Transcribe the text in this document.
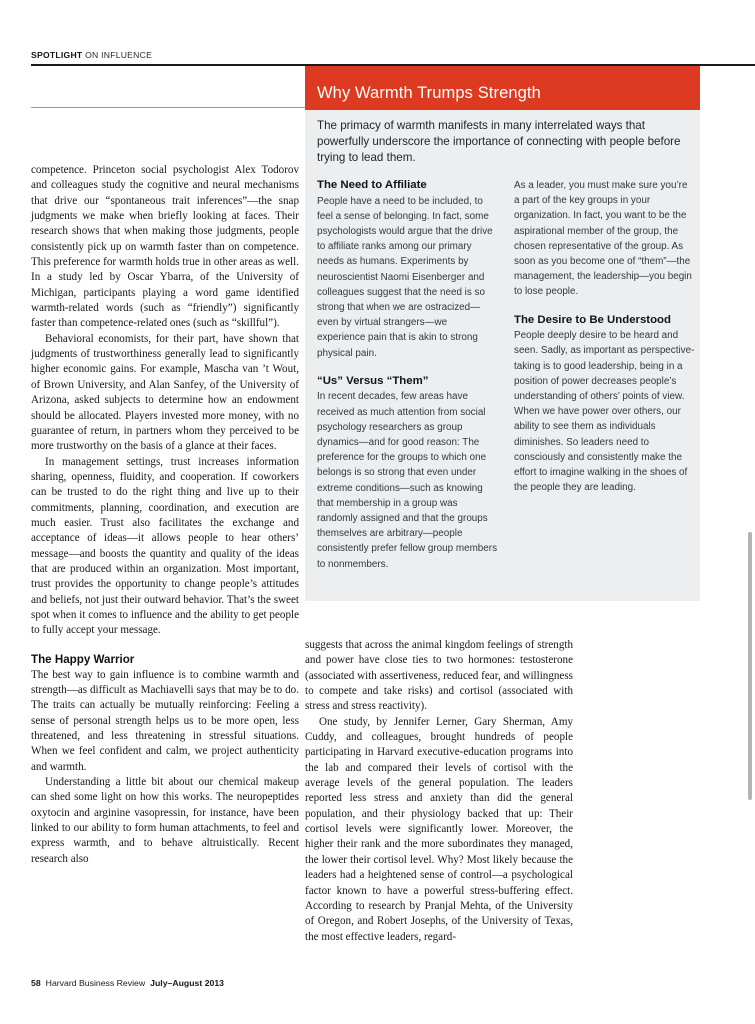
SPOTLIGHT ON INFLUENCE
Why Warmth Trumps Strength
The primacy of warmth manifests in many interrelated ways that powerfully underscore the importance of connecting with people before trying to lead them.
The Need to Affiliate

People have a need to be included, to feel a sense of belonging. In fact, some psychologists would argue that the drive to affiliate ranks among our primary needs as humans. Experiments by neuroscientist Naomi Eisenberger and colleagues suggest that the need is so strong that when we are ostracized—even by virtual strangers—we experience pain that is akin to strong physical pain.

“Us” Versus “Them”

In recent decades, few areas have received as much attention from social psychology researchers as group dynamics—and for good reason: The preference for the groups to which one belongs is so strong that even under extreme conditions—such as knowing that membership in a group was randomly assigned and that the groups themselves are arbitrary—people consistently prefer fellow group members to nonmembers.

As a leader, you must make sure you’re a part of the key groups in your organization. In fact, you want to be the aspirational member of the group, the chosen representative of the group. As soon as you become one of “them”—the management, the leadership—you begin to lose people.

The Desire to Be Understood

People deeply desire to be heard and seen. Sadly, as important as perspective-taking is to good leadership, being in a position of power decreases people’s understanding of others’ points of view. When we have power over others, our ability to see them as individuals diminishes. So leaders need to consciously and consistently make the effort to imagine walking in the shoes of the people they are leading.

competence. Princeton social psychologist Alex Todorov and colleagues study the cognitive and neural mechanisms that drive our “spontaneous trait inferences”—the snap judgments we make when briefly looking at faces. Their research shows that when making those judgments, people consistently pick up on warmth faster than on competence. This preference for warmth holds true in other areas as well. In a study led by Oscar Ybarra, of the University of Michigan, participants playing a word game identified warmth-related words (such as “friendly”) significantly faster than competence-related ones (such as “skillful”).

Behavioral economists, for their part, have shown that judgments of trustworthiness generally lead to significantly higher economic gains. For example, Mascha van ’t Wout, of Brown University, and Alan Sanfey, of the University of Arizona, asked subjects to determine how an endowment should be allocated. Players invested more money, with no guarantee of return, in partners whom they perceived to be more trustworthy on the basis of a glance at their faces.

In management settings, trust increases information sharing, openness, fluidity, and cooperation. If coworkers can be trusted to do the right thing and live up to their commitments, planning, coordination, and execution are much easier. Trust also facilitates the exchange and acceptance of ideas—it allows people to hear others’ message—and boosts the quantity and quality of the ideas that are produced within an organization. Most important, trust provides the opportunity to change people’s attitudes and beliefs, not just their outward behavior. That’s the sweet spot when it comes to influence and the ability to get people to fully accept your message.

The Happy Warrior

The best way to gain influence is to combine warmth and strength—as difficult as Machiavelli says that may be to do. The traits can actually be mutually reinforcing: Feeling a sense of personal strength helps us to be more open, less threatened, and less threatening in stressful situations. When we feel confident and calm, we project authenticity and warmth.

Understanding a little bit about our chemical makeup can shed some light on how this works. The neuropeptides oxytocin and arginine vasopressin, for instance, have been linked to our ability to form human attachments, to feel and express warmth, and to behave altruistically. Recent research also

suggests that across the animal kingdom feelings of strength and power have close ties to two hormones: testosterone (associated with assertiveness, reduced fear, and willingness to compete and take risks) and cortisol (associated with stress and stress reactivity).

One study, by Jennifer Lerner, Gary Sherman, Amy Cuddy, and colleagues, brought hundreds of people participating in Harvard executive-education programs into the lab and compared their levels of cortisol with the average levels of the general population. The leaders reported less stress and anxiety than did the general population, and their physiology backed that up: Their cortisol levels were significantly lower. Moreover, the higher their rank and the more subordinates they managed, the lower their cortisol level. Why? Most likely because the leaders had a heightened sense of control—a psychological factor known to have a powerful stress-buffering effect. According to research by Pranjal Mehta, of the University of Oregon, and Robert Josephs, of the University of Texas, the most effective leaders, regard-

58 Harvard Business Review July–August 2013
